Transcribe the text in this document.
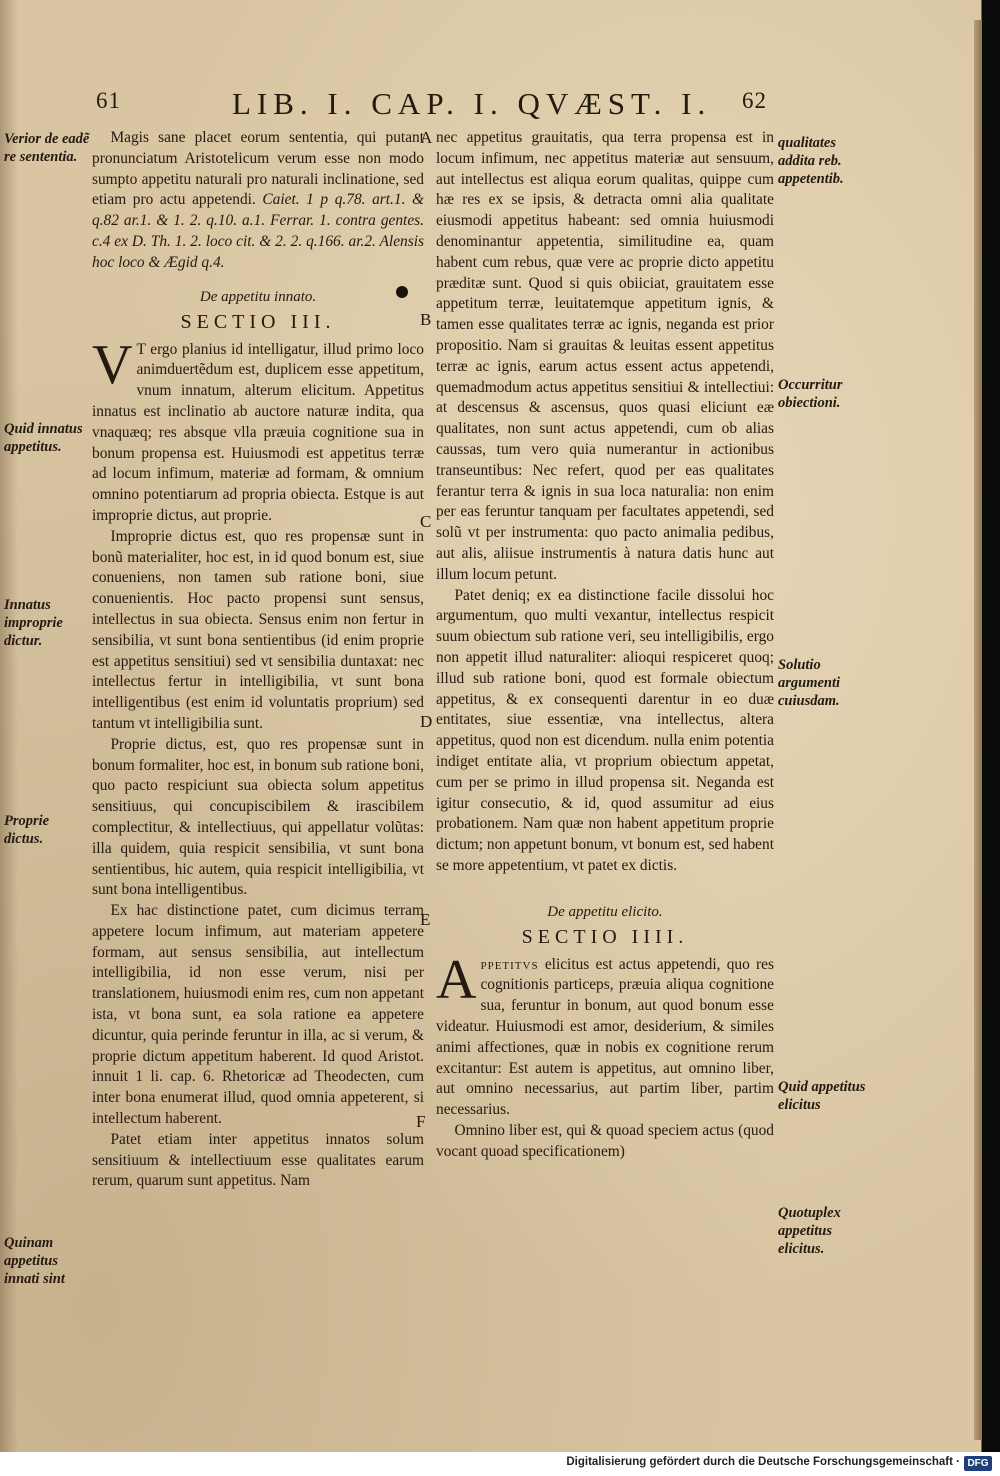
61	LIB. I. CAP. I. QVÆST. I. 62

Magis sane placet eorum sententia, qui putant pronunciatum Aristotelicum verum esse non modo sumpto appetitu naturali pro naturali inclinatione, sed etiam pro actu appetendi. Caiet. 1 p q.78. art.1. & q.82 ar.1. & 1. 2. q.10. a.1. Ferrar. 1. contra gentes. c.4 ex D. Th. 1. 2. loco cit. & 2. 2. q.166. ar.2. Alensis hoc loco & Ægid q.4.

De appetitu innato.
SECTIO III.

V T ergo planius id intelligatur, illud primo loco animduertẽdum est, duplicem esse appetitum, vnum innatum, alterum elicitum. Appetitus innatus est inclinatio ab auctore naturæ indita, qua vnaquæq; res absque vlla præuia cognitione sua in bonum propensa est. Huiusmodi est appetitus terræ ad locum infimum, materiæ ad formam, & omnium omnino potentiarum ad propria obiecta. Estque is aut improprie dictus, aut proprie.

Improprie dictus est, quo res propensæ sunt in bonũ materialiter, hoc est, in id quod bonum est, siue conueniens, non tamen sub ratione boni, siue conuenientis. Hoc pacto propensi sunt sensus, intellectus in sua obiecta. Sensus enim non fertur in sensibilia, vt sunt bona sentientibus (id enim proprie est appetitus sensitiui) sed vt sensibilia duntaxat: nec intellectus fertur in intelligibilia, vt sunt bona intelligentibus (est enim id voluntatis proprium) sed tantum vt intelligibilia sunt.

Proprie dictus, est, quo res propensæ sunt in bonum formaliter, hoc est, in bonum sub ratione boni, quo pacto respiciunt sua obiecta solum appetitus sensitiuus, qui concupiscibilem & irascibilem complectitur, & intellectiuus, qui appellatur volũtas: illa quidem, quia respicit sensibilia, vt sunt bona sentientibus, hic autem, quia respicit intelligibilia, vt sunt bona intelligentibus.

Ex hac distinctione patet, cum dicimus terram appetere locum infimum, aut materiam appetere formam, aut sensus sensibilia, aut intellectum intelligibilia, id non esse verum, nisi per translationem, huiusmodi enim res, cum non appetant ista, vt bona sunt, ea sola ratione ea appetere dicuntur, quia perinde feruntur in illa, ac si verum, & proprie dictum appetitum haberent. Id quod Aristot. innuit 1 li. cap. 6. Rhetoricæ ad Theodecten, cum inter bona enumerat illud, quod omnia appeterent, si intellectum haberent.

Patet etiam inter appetitus innatos solum sensitiuum & intellectiuum esse qualitates earum rerum, quarum sunt appetitus. Nam

nec appetitus grauitatis, qua terra propensa est in locum infimum, nec appetitus materiæ aut sensuum, aut intellectus est aliqua eorum qualitas, quippe cum hæ res ex se ipsis, & detracta omni alia qualitate eiusmodi appetitus habeant: sed omnia huiusmodi denominantur appetentia, similitudine ea, quam habent cum rebus, quæ vere ac proprie dicto appetitu præditæ sunt. Quod si quis obiiciat, grauitatem esse appetitum terræ, leuitatemque appetitum ignis, & tamen esse qualitates terræ ac ignis, neganda est prior propositio. Nam si grauitas & leuitas essent appetitus terræ ac ignis, earum actus essent actus appetendi, quemadmodum actus appetitus sensitiui & intellectiui: at descensus & ascensus, quos quasi eliciunt eæ qualitates, non sunt actus appetendi, cum ob alias caussas, tum vero quia numerantur in actionibus transeuntibus: Nec refert, quod per eas qualitates ferantur terra & ignis in sua loca naturalia: non enim per eas feruntur tanquam per facultates appetendi, sed solũ vt per instrumenta: quo pacto animalia pedibus, aut alis, aliisue instrumentis à natura datis hunc aut illum locum petunt.

Patet deniq; ex ea distinctione facile dissolui hoc argumentum, quo multi vexantur, intellectus respicit suum obiectum sub ratione veri, seu intelligibilis, ergo non appetit illud naturaliter: alioqui respiceret quoq; illud sub ratione boni, quod est formale obiectum appetitus, & ex consequenti darentur in eo duæ entitates, siue essentiæ, vna intellectus, altera appetitus, quod non est dicendum. nulla enim potentia indiget entitate alia, vt proprium obiectum appetat, cum per se primo in illud propensa sit. Neganda est igitur consecutio, & id, quod assumitur ad eius probationem. Nam quæ non habent appetitum proprie dictum; non appetunt bonum, vt bonum est, sed habent se more appetentium, vt patet ex dictis.

De appetitu elicito.
SECTIO IIII.

A ppetitvs elicitus est actus appetendi, quo res cognitionis particeps, præuia aliqua cognitione sua, feruntur in bonum, aut quod bonum esse videatur. Huiusmodi est amor, desiderium, & similes animi affectiones, quæ in nobis ex cognitione rerum excitantur: Est autem is appetitus, aut omnino liber, aut omnino necessarius, aut partim liber, partim necessarius.

Omnino liber est, qui & quoad speciem actus (quod vocant quoad specificationem)

A
B
C
D
E
F
Verior de eadẽ re sententia.
Quid innatus appetitus.
Innatus improprie dictur.
Proprie dictus.
Quinam appetitus innati sint
qualitates addita reb. appetentib.
Occurritur obiectioni.
Solutio argumenti cuiusdam.
Quid appetitus elicitus
Quotuplex appetitus elicitus.
Digitalisierung gefördert durch die Deutsche Forschungsgemeinschaft · DFG
